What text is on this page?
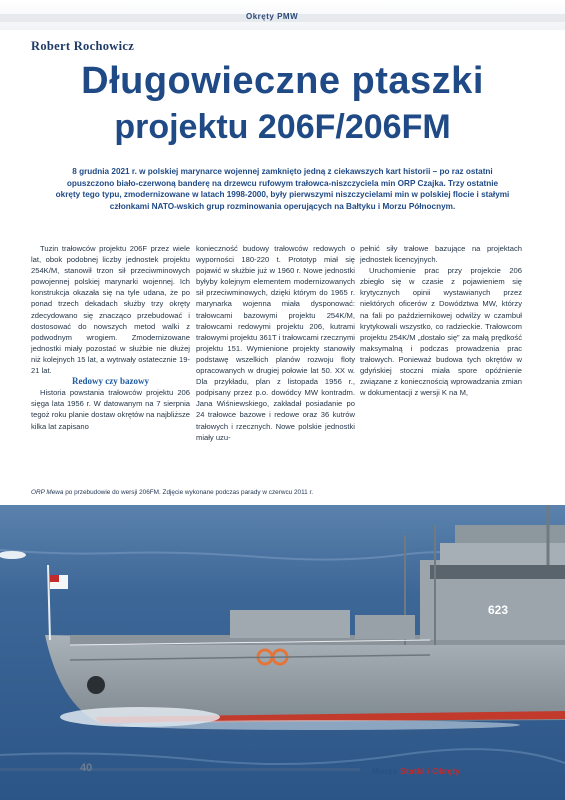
Okręty PMW
Robert Rochowicz
Długowieczne ptaszki
projektu 206F/206FM
8 grudnia 2021 r. w polskiej marynarce wojennej zamknięto jedną z ciekawszych kart historii – po raz ostatni opuszczono biało-czerwoną banderę na drzewcu rufowym trałowca-niszczyciela min ORP Czajka. Trzy ostatnie okręty tego typu, zmodernizowane w latach 1998-2000, były pierwszymi niszczycielami min w polskiej flocie i stałymi członkami NATO-wskich grup rozminowania operujących na Bałtyku i Morzu Północnym.

Tuzin trałowców projektu 206F przez wiele lat, obok podobnej liczby jednostek projektu 254K/M, stanowił trzon sił przeciwminowych powojennej polskiej marynarki wojennej. Ich konstrukcja okazała się na tyle udana, że po ponad trzech dekadach służby trzy okręty zdecydowano się znacząco przebudować i dostosować do nowszych metod walki z podwodnym wrogiem. Zmodernizowane jednostki miały pozostać w służbie nie dłużej niż kolejnych 15 lat, a wytrwały ostatecznie 19-21 lat.

Redowy czy bazowy

Historia powstania trałowców projektu 206 sięga lata 1956 r. W datowanym na 7 sierpnia tegoż roku planie dostaw okrętów na najbliższe kilka lat zapisano

konieczność budowy trałowców redowych o wyporności 180-220 t. Prototyp miał się pojawić w służbie już w 1960 r. Nowe jednostki byłyby kolejnym elementem modernizowanych sił przeciwminowych, dzięki którym do 1965 r. marynarka wojenna miała dysponować: trałowcami bazowymi projektu 254K/M, trałowcami redowymi projektu 206, kutrami trałowymi projektu 361T i trałowcami rzecznymi projektu 151. Wymienione projekty stanowiły podstawę wszelkich planów rozwoju floty opracowanych w drugiej połowie lat 50. XX w. Dla przykładu, plan z listopada 1956 r., podpisany przez p.o. dowódcy MW kontradm. Jana Wiśniewskiego, zakładał posiadanie po 24 trałowce bazowe i redowe oraz 36 kutrów trałowych i rzecznych. Nowe polskie jednostki miały uzu-

pełnić siły trałowe bazujące na projektach jednostek licencyjnych.

Uruchomienie prac przy projekcie 206 zbiegło się w czasie z pojawieniem się krytycznych opinii wystawianych przez niektórych oficerów z Dowództwa MW, którzy na fali po październikowej odwilży w czambuł krytykowali wszystko, co radzieckie. Trałowcom projektu 254K/M „dostało się” za małą prędkość maksymalną i podczas prowadzenia prac trałowych. Ponieważ budowa tych okrętów w gdyńskiej stoczni miała spore opóźnienie związane z koniecznością wprowadzania zmian w dokumentacji z wersji K na M,

ORP Mewa po przebudowie do wersji 206FM. Zdjęcie wykonane podczas parady w czerwcu 2011 r.
623
40	Morze Statki i Okręty
